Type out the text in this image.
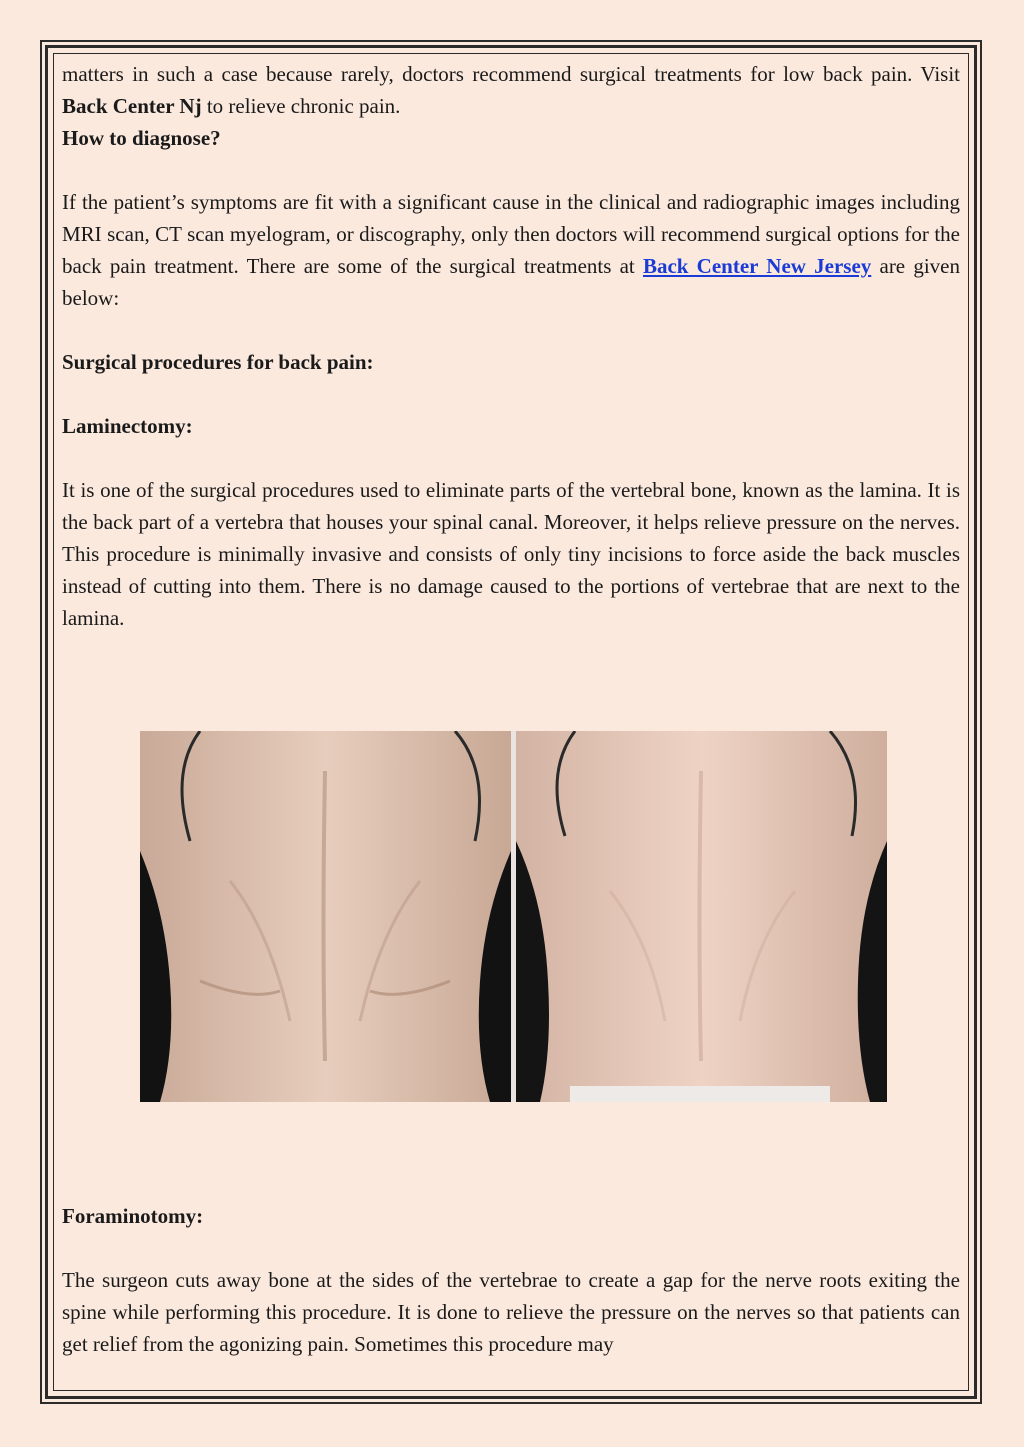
matters in such a case because rarely, doctors recommend surgical treatments for low back pain. Visit Back Center Nj to relieve chronic pain.

How to diagnose?

If the patient’s symptoms are fit with a significant cause in the clinical and radiographic images including MRI scan, CT scan myelogram, or discography, only then doctors will recommend surgical options for the back pain treatment. There are some of the surgical treatments at Back Center New Jersey are given below:

Surgical procedures for back pain:

Laminectomy:

It is one of the surgical procedures used to eliminate parts of the vertebral bone, known as the lamina. It is the back part of a vertebra that houses your spinal canal. Moreover, it helps relieve pressure on the nerves. This procedure is minimally invasive and consists of only tiny incisions to force aside the back muscles instead of cutting into them. There is no damage caused to the portions of vertebrae that are next to the lamina.

Foraminotomy:

The surgeon cuts away bone at the sides of the vertebrae to create a gap for the nerve roots exiting the spine while performing this procedure. It is done to relieve the pressure on the nerves so that patients can get relief from the agonizing pain. Sometimes this procedure may
